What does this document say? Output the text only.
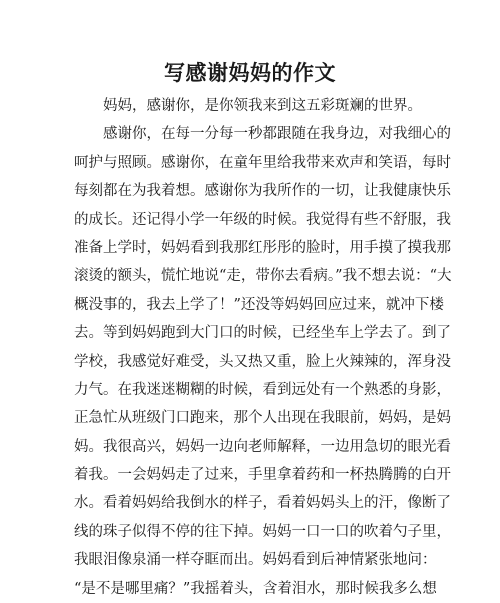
写感谢妈妈的作文
妈妈，感谢你，是你领我来到这五彩斑斓的世界。
感谢你，在每一分每一秒都跟随在我身边，对我细心的
呵护与照顾。感谢你，在童年里给我带来欢声和笑语，每时
每刻都在为我着想。感谢你为我所作的一切，让我健康快乐
的成长。还记得小学一年级的时候。我觉得有些不舒服，我
准备上学时，妈妈看到我那红彤彤的脸时，用手摸了摸我那
滚烫的额头，慌忙地说“走，带你去看病。”我不想去说：“大
概没事的，我去上学了！”还没等妈妈回应过来，就冲下楼
去。等到妈妈跑到大门口的时候，已经坐车上学去了。到了
学校，我感觉好难受，头又热又重，脸上火辣辣的，浑身没
力气。在我迷迷糊糊的时候，看到远处有一个熟悉的身影，
正急忙从班级门口跑来，那个人出现在我眼前，妈妈，是妈
妈。我很高兴，妈妈一边向老师解释，一边用急切的眼光看
着我。一会妈妈走了过来，手里拿着药和一杯热腾腾的白开
水。看着妈妈给我倒水的样子，看着妈妈头上的汗，像断了
线的珠子似得不停的往下掉。妈妈一口一口的吹着勺子里，
我眼泪像泉涌一样夺眶而出。妈妈看到后神情紧张地问：
“是不是哪里痛？”我摇着头，含着泪水，那时候我多么想
